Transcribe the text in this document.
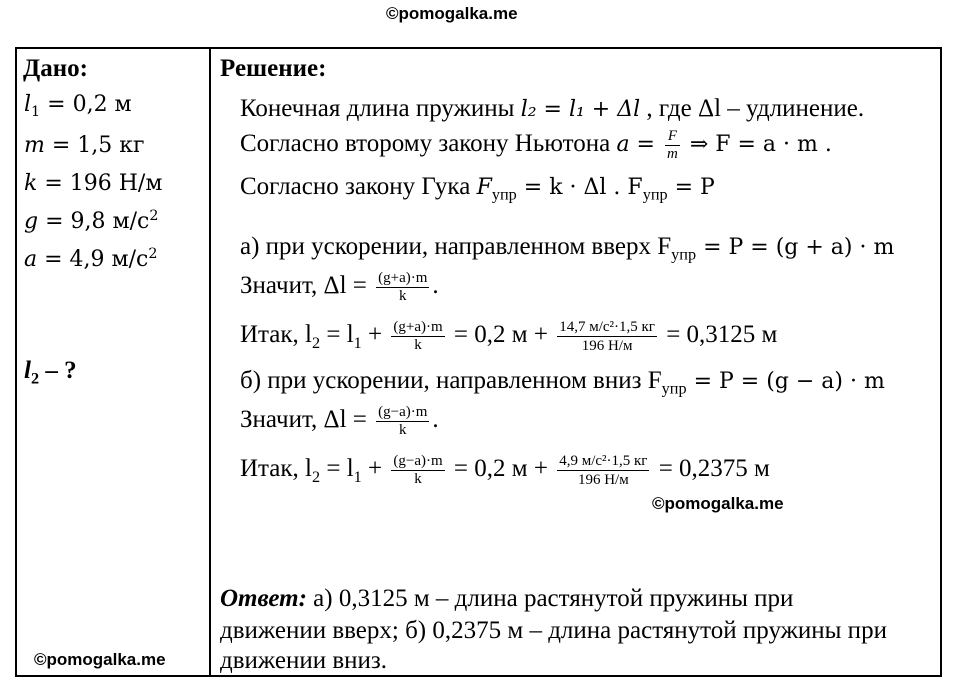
©pomogalka.me
Дано:
$l_1 = 0,2$ м
m = 1,5 кг
k = 196 Н/м
g = 9,8 $м/с^2$
a = 4,9 $м/с^2$
$l_2$ – ?
Решение:
Конечная длина пружины l₂ = l₁ + Δl , где Δl – удлинение.
Согласно второму закону Ньютона $a = \frac{F}{m}$ ⇒ F = a · m .
Согласно закону Гука $F_{упр} = k \cdot \Delta l$ . $F_{упр} = P$
а) при ускорении, направленном вверх $F_{упр} = P = (g + a) \cdot m$
Значит, $\Delta l = \frac{(g+a)\cdot m}{k}$ .
Итак, $l_2 = l_1 + \frac{(g+a)\cdot m}{k} = 0,2$ $м + \frac{\text{14,7 м/с²·1,5 кг}}{196 Н/м} = 0,3125$ м
б) при ускорении, направленном вниз $F_{упр} = P = (g - a) \cdot m$
Значит, $\Delta l = \frac{(g-a)\cdot m}{k}$ .
Итак, $l_2 = l_1 + \frac{(g-a)\cdot m}{k} = 0,2$ $м + \frac{\text{4,9 м/с²·1,5 кг}}{196 Н/м} = 0,2375$ м
©pomogalka.me
Ответ: а) 0,3125 м – длина растянутой пружины при
движении вверх; б) 0,2375 м – длина растянутой пружины при
движении вниз.
©pomogalka.me
